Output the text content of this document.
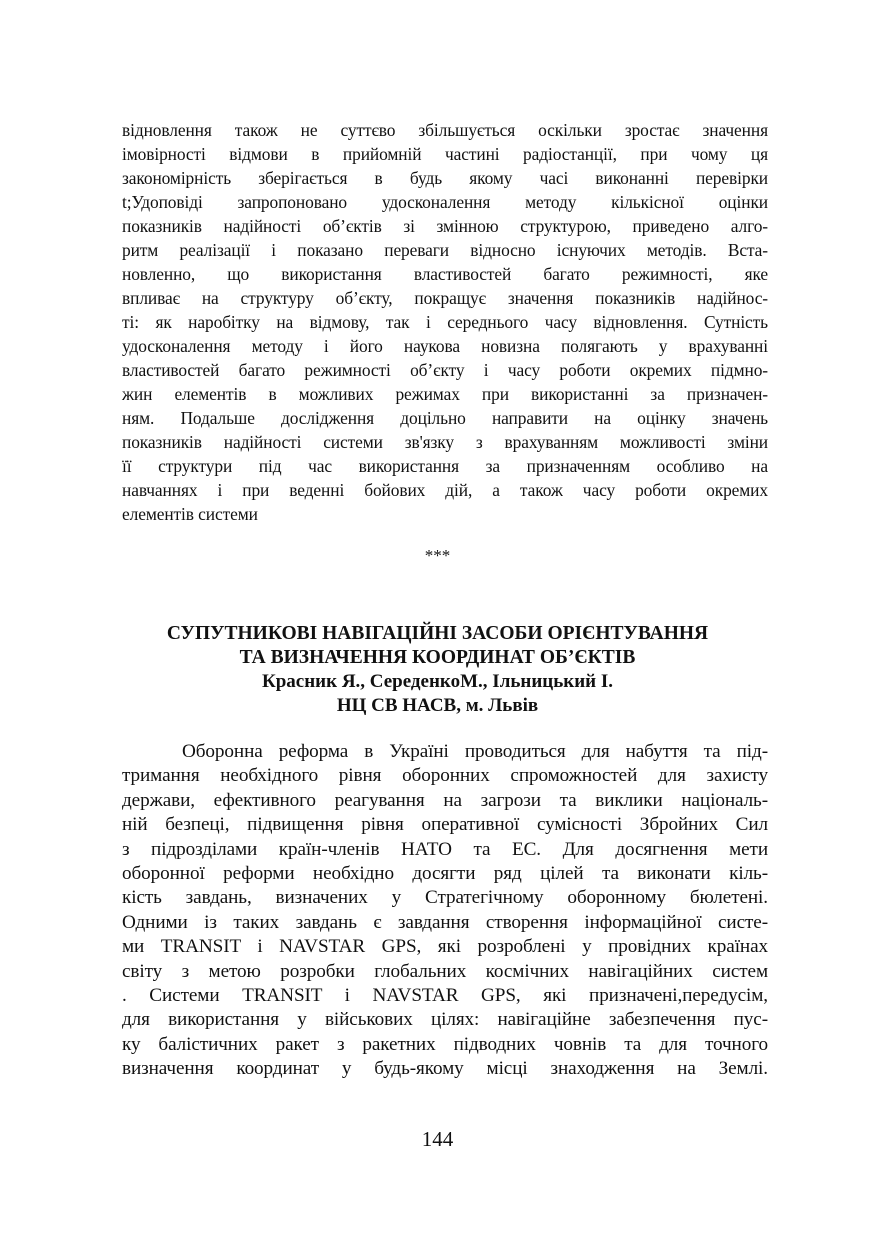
відновлення також не суттєво збільшується оскільки зростає значення
імовірності відмови в прийомній частині радіостанції, при чому ця
закономірність зберігається в будь якому часі виконанні перевірки
t;Удоповіді запропоновано удосконалення методу кількісної оцінки
показників надійності об’єктів зі змінною структурою, приведено алго-
ритм реалізації і показано переваги відносно існуючих методів. Вста-
новленно, що використання властивостей багато режимності, яке
впливає на структуру об’єкту, покращує значення показників надійнос-
ті: як наробітку на відмову, так і середнього часу відновлення. Сутність
удосконалення методу і його наукова новизна полягають у врахуванні
властивостей багато режимності об’єкту і часу роботи окремих підмно-
жин елементів в можливих режимах при використанні за призначен-
ням. Подальше дослідження доцільно направити на оцінку значень
показників надійності системи зв'язку з врахуванням можливості зміни
її структури під час використання за призначенням особливо на
навчаннях і при веденні бойових дій, а також часу роботи окремих
елементів системи
***
СУПУТНИКОВІ НАВІГАЦІЙНІ ЗАСОБИ ОРІЄНТУВАННЯ
ТА ВИЗНАЧЕННЯ КООРДИНАТ ОБ’ЄКТІВ
Красник Я., СереденкоМ., Ільницький І.
НЦ СВ НАСВ, м. Львів
Оборонна реформа в Україні проводиться для набуття та під-
тримання необхідного рівня оборонних спроможностей для захисту
держави, ефективного реагування на загрози та виклики національ-
ній безпеці, підвищення рівня оперативної сумісності Збройних Сил
з підрозділами країн-членів НАТО та ЕС. Для досягнення мети
оборонної реформи необхідно досягти ряд цілей та виконати кіль-
кість завдань, визначених у Стратегічному оборонному бюлетені.
Одними із таких завдань є завдання створення інформаційної систе-
ми TRANSIT і NAVSTAR GPS, які розроблені у провідних країнах
світу з метою розробки глобальних космічних навігаційних систем
. Системи TRANSIT і NAVSTAR GPS, які призначені,передусім,
для використання у військових цілях: навігаційне забезпечення пус-
ку балістичних ракет з ракетних підводних човнів та для точного
визначення координат у будь-якому місці знаходження на Землі.
144
